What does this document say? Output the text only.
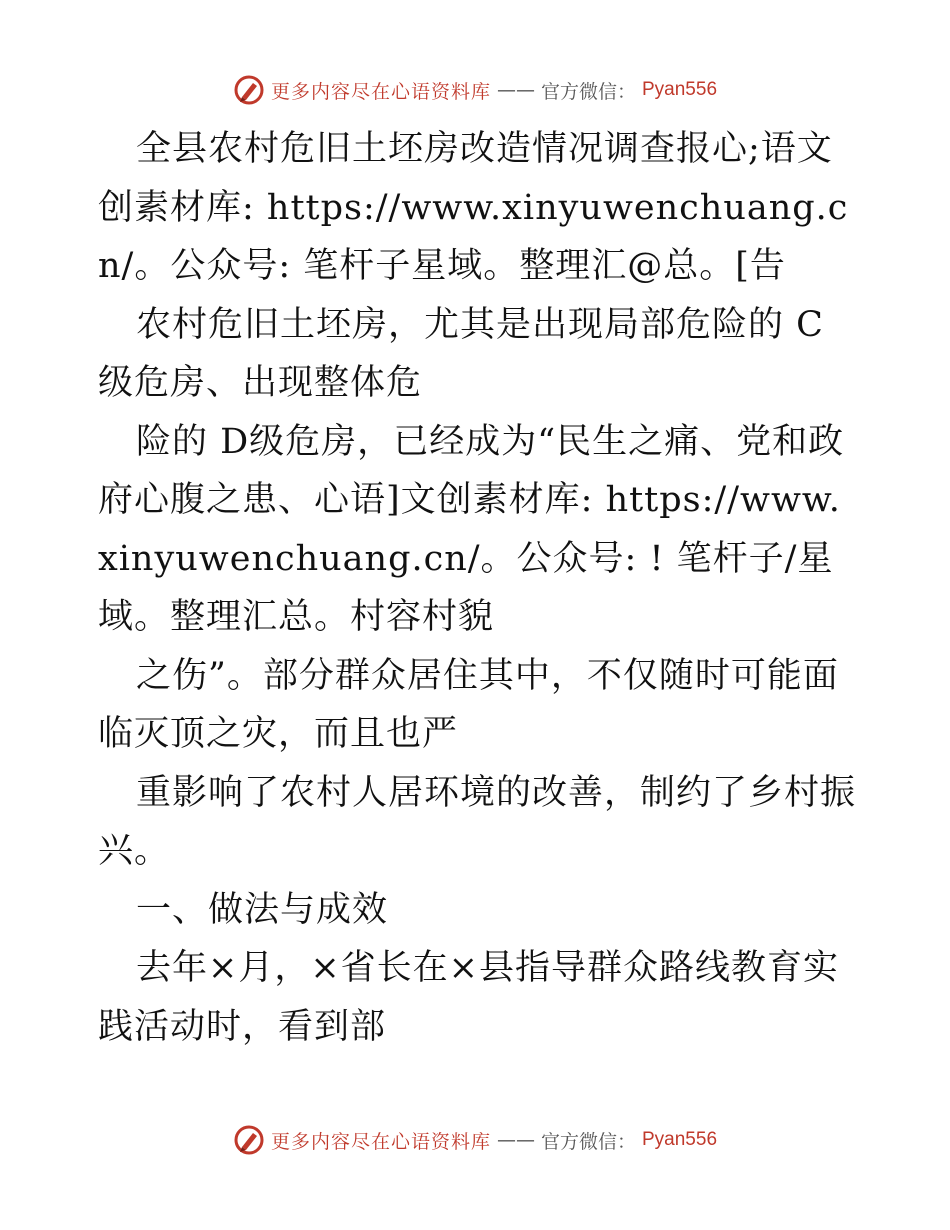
更多内容尽在心语资料库 —— 官方微信： Pyan556

全县农村危旧土坯房改造情况调查报心;语文创素材库: https://www.xinyuwenchuang.cn/。公众号: 笔杆子星域。整理汇@总。[告

农村危旧土坯房，尤其是出现局部危险的 C级危房、出现整体危

险的 D级危房，已经成为“民生之痛、党和政府心腹之患、心语]文创素材库: https://www.xinyuwenchuang.cn/。公众号: ! 笔杆子/星域。整理汇总。村容村貌

之伤”。部分群众居住其中，不仅随时可能面临灭顶之灾，而且也严

重影响了农村人居环境的改善，制约了乡村振兴。

一、做法与成效

去年×月，×省长在×县指导群众路线教育实践活动时，看到部

更多内容尽在心语资料库 —— 官方微信： Pyan556
